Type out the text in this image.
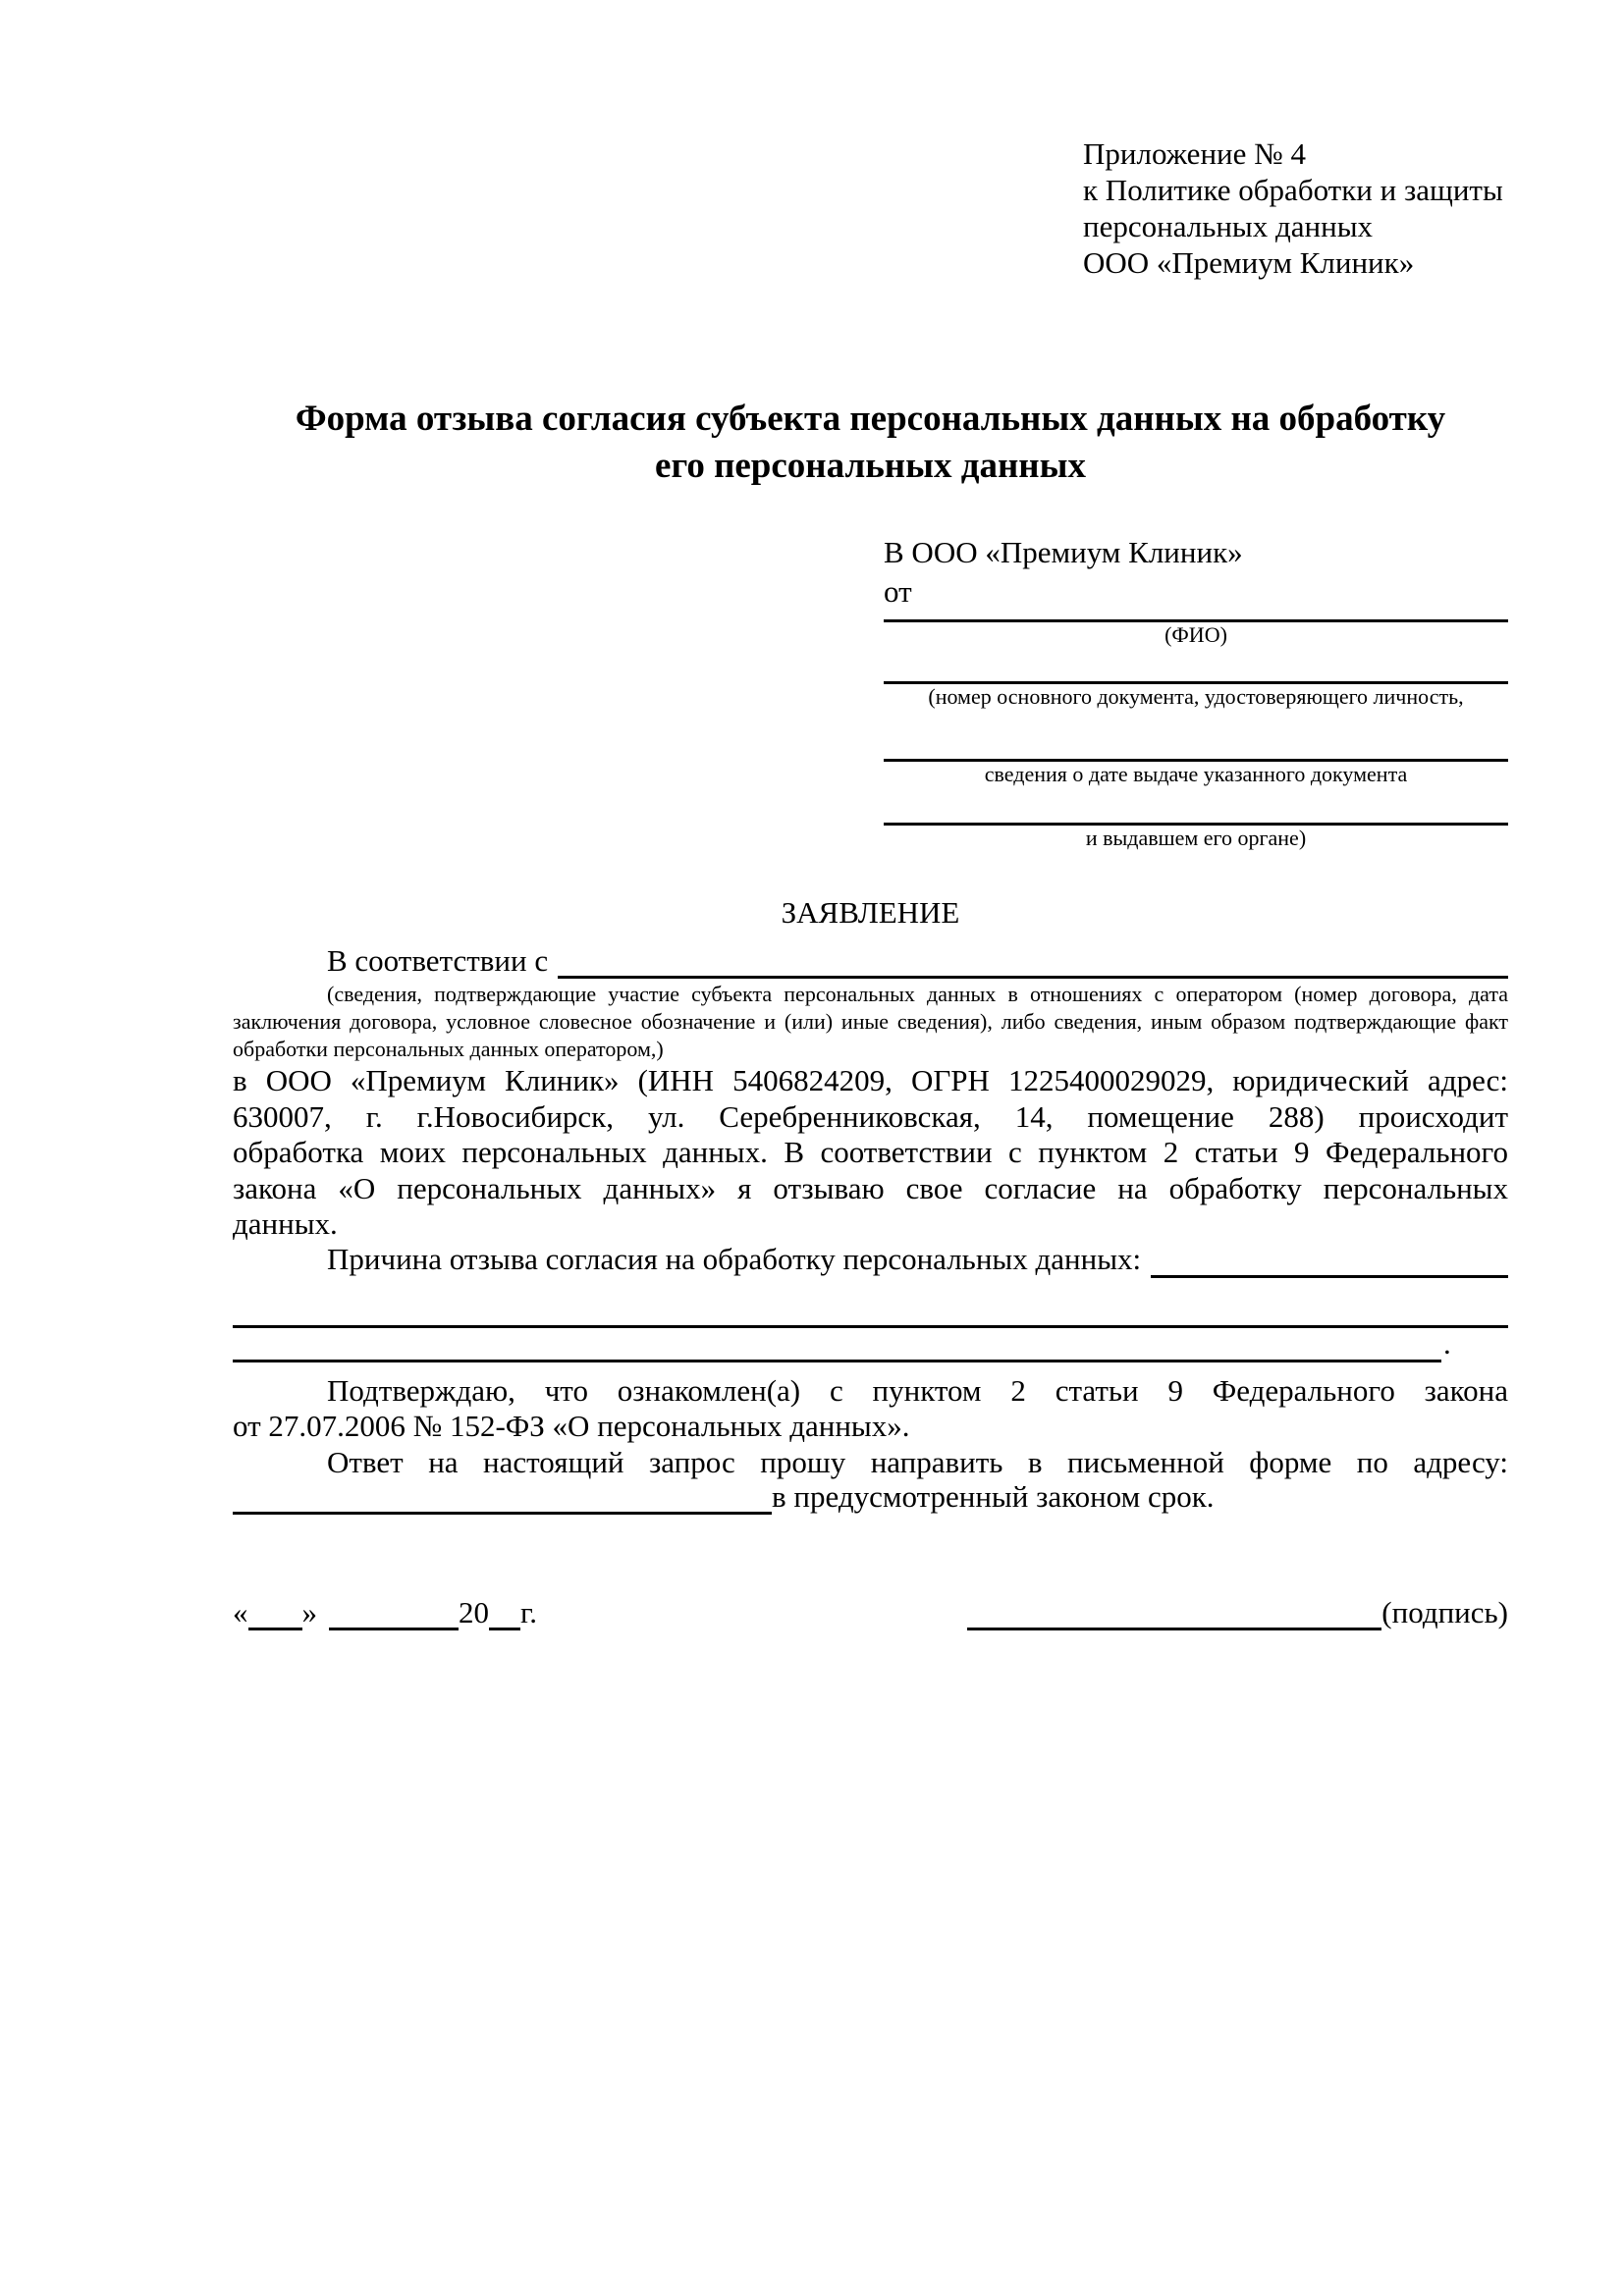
Приложение № 4
к Политике обработки и защиты
персональных данных
ООО «Премиум Клиник»
Форма отзыва согласия субъекта персональных данных на обработку
его персональных данных
В ООО «Премиум Клиник»
от
(ФИО)
(номер основного документа, удостоверяющего личность,
сведения о дате выдаче указанного документа
и выдавшем его органе)
ЗАЯВЛЕНИЕ
В соответствии с
(сведения, подтверждающие участие субъекта персональных данных в отношениях с оператором (номер договора, дата
заключения договора, условное словесное обозначение и (или) иные сведения), либо сведения, иным образом подтверждающие факт
обработки персональных данных оператором,)
в ООО «Премиум Клиник» (ИНН 5406824209, ОГРН 1225400029029, юридический адрес:
630007, г. г.Новосибирск, ул. Серебренниковская, 14, помещение 288) происходит
обработка моих персональных данных. В соответствии с пунктом 2 статьи 9 Федерального
закона «О персональных данных» я отзываю свое согласие на обработку персональных
данных.
Причина отзыва согласия на обработку персональных данных:
.
Подтверждаю, что ознакомлен(а) с пунктом 2 статьи 9 Федерального закона
от 27.07.2006 № 152-ФЗ «О персональных данных».
Ответ на настоящий запрос прошу направить в письменной форме по адресу:
в предусмотренный законом срок.
« »	20 г.	(подпись)
